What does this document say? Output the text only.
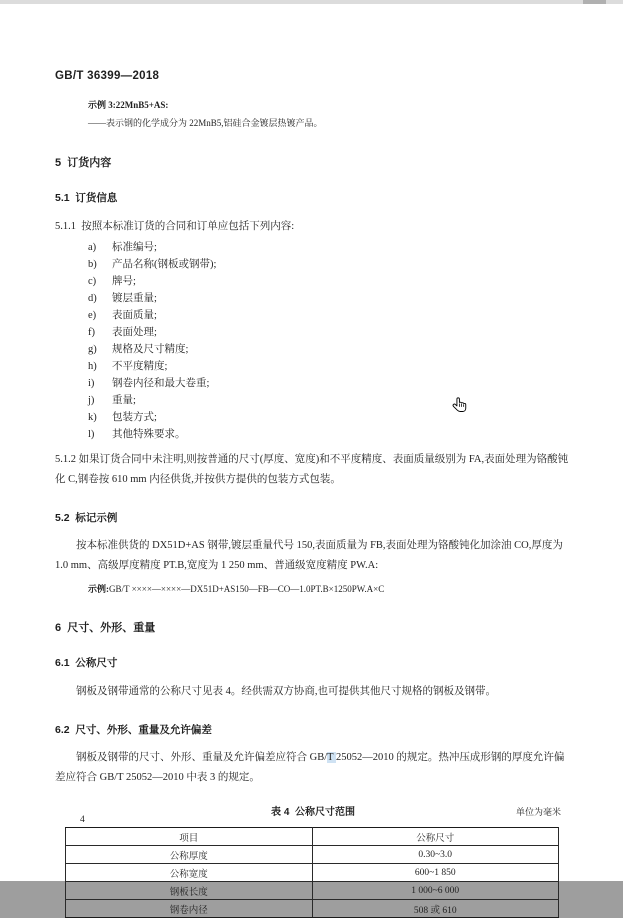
GB/T 36399—2018
示例 3:22MnB5+AS:
——表示钢的化学成分为 22MnB5,铝硅合金镀层热镀产品。
5  订货内容
5.1  订货信息
5.1.1  按照本标准订货的合同和订单应包括下列内容:
a) 标准编号;
b) 产品名称(钢板或钢带);
c) 牌号;
d) 镀层重量;
e) 表面质量;
f) 表面处理;
g) 规格及尺寸精度;
h) 不平度精度;
i) 钢卷内径和最大卷重;
j) 重量;
k) 包装方式;
l) 其他特殊要求。
5.1.2 如果订货合同中未注明,则按普通的尺寸(厚度、宽度)和不平度精度、表面质量级别为 FA,表面处理为铬酸钝化 C,钢卷按 610 mm 内径供货,并按供方提供的包装方式包装。
5.2  标记示例
按本标准供货的 DX51D+AS 钢带,镀层重量代号 150,表面质量为 FB,表面处理为铬酸钝化加涂油 CO,厚度为 1.0 mm、高级厚度精度 PT.B,宽度为 1 250 mm、普通级宽度精度 PW.A:
示例:GB/T ××××—××××—DX51D+AS150—FB—CO—1.0PT.B×1250PW.A×C
6  尺寸、外形、重量
6.1  公称尺寸
钢板及钢带通常的公称尺寸见表 4。经供需双方协商,也可提供其他尺寸规格的钢板及钢带。
6.2  尺寸、外形、重量及允许偏差
钢板及钢带的尺寸、外形、重量及允许偏差应符合 GB/T 25052—2010 的规定。热冲压成形钢的厚度允许偏差应符合 GB/T 25052—2010 中表 3 的规定。
表 4  公称尺寸范围	单位为毫米
项目	公称尺寸
公称厚度	0.30~3.0
公称宽度	600~1 850
钢板长度	1 000~6 000
钢卷内径	508 或 610
4
